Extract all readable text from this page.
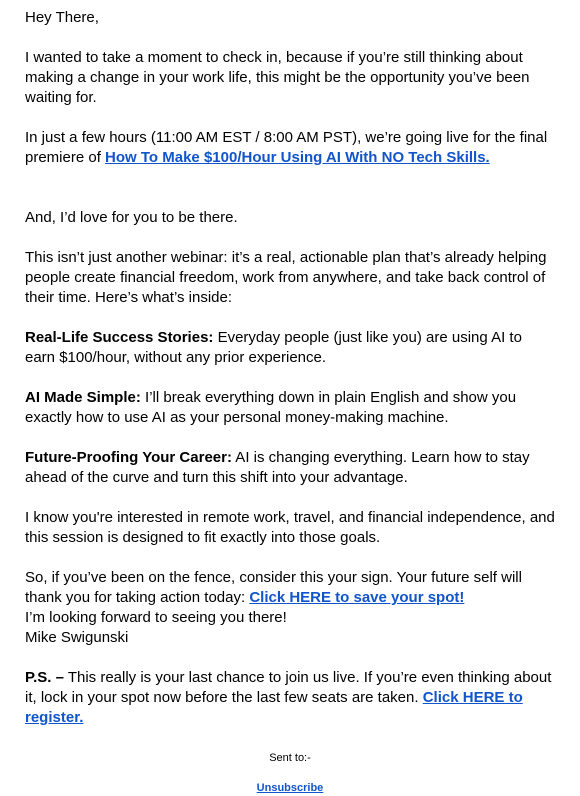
Hey There,
I wanted to take a moment to check in, because if you’re still thinking about making a change in your work life, this might be the opportunity you’ve been waiting for.
In just a few hours (11:00 AM EST / 8:00 AM PST), we’re going live for the final premiere of How To Make $100/Hour Using AI With NO Tech Skills.
And, I’d love for you to be there.
This isn’t just another webinar: it’s a real, actionable plan that’s already helping people create financial freedom, work from anywhere, and take back control of their time. Here’s what’s inside:
Real-Life Success Stories: Everyday people (just like you) are using AI to earn $100/hour, without any prior experience.
AI Made Simple: I’ll break everything down in plain English and show you exactly how to use AI as your personal money-making machine.
Future-Proofing Your Career: AI is changing everything. Learn how to stay ahead of the curve and turn this shift into your advantage.
I know you're interested in remote work, travel, and financial independence, and this session is designed to fit exactly into those goals.
So, if you’ve been on the fence, consider this your sign. Your future self will thank you for taking action today: Click HERE to save your spot!
I’m looking forward to seeing you there!
Mike Swigunski
P.S. – This really is your last chance to join us live. If you’re even thinking about it, lock in your spot now before the last few seats are taken. Click HERE to register.
Sent to:-
Unsubscribe
